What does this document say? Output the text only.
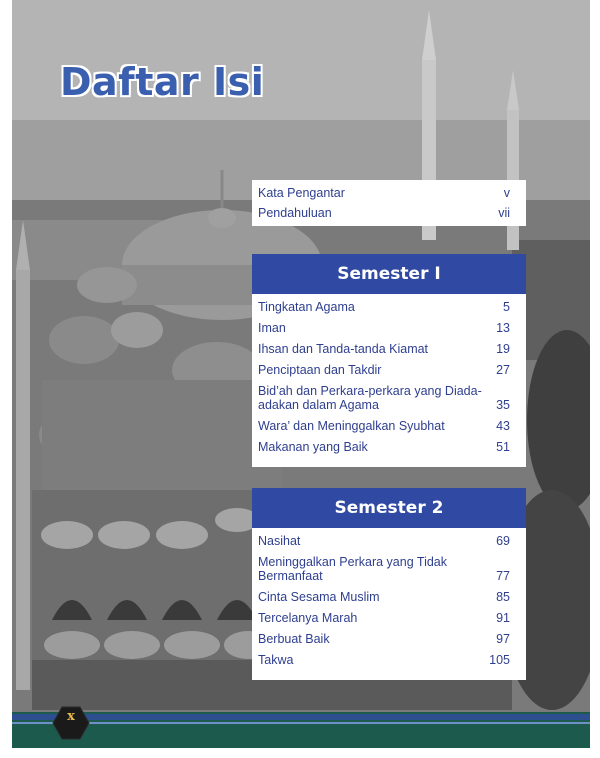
Daftar Isi
Kata Pengantar	v
Pendahuluan	vii
Semester I
Tingkatan Agama	5
Iman	13
Ihsan dan Tanda-tanda Kiamat	19
Penciptaan dan Takdir	27
Bid’ah dan Perkara-perkara yang Diada-adakan dalam Agama	35
Wara’ dan Meninggalkan Syubhat	43
Makanan yang Baik	51
Semester 2
Nasihat	69
Meninggalkan Perkara yang Tidak Bermanfaat	77
Cinta Sesama Muslim	85
Tercelanya Marah	91
Berbuat Baik	97
Takwa	105
x
